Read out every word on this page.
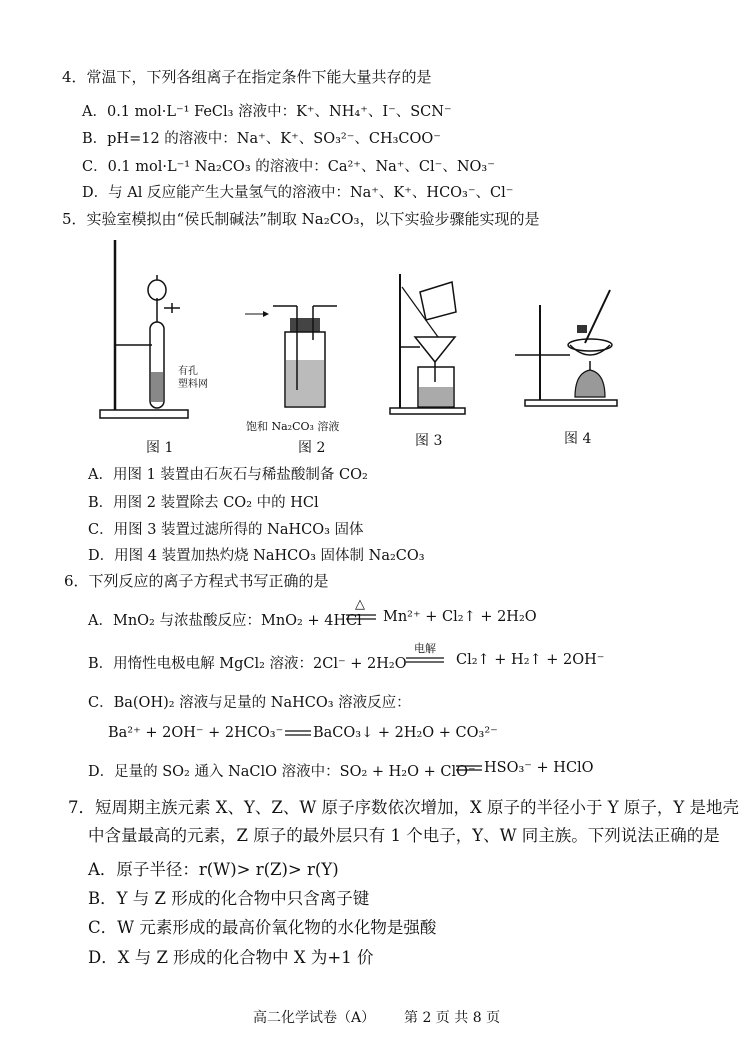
4．常温下，下列各组离子在指定条件下能大量共存的是
A．0.1 mol·L⁻¹ FeCl₃ 溶液中：K⁺、NH₄⁺、I⁻、SCN⁻
B．pH=12 的溶液中：Na⁺、K⁺、SO₃²⁻、CH₃COO⁻
C．0.1 mol·L⁻¹ Na₂CO₃ 的溶液中：Ca²⁺、Na⁺、Cl⁻、NO₃⁻
D．与 Al 反应能产生大量氢气的溶液中：Na⁺、K⁺、HCO₃⁻、Cl⁻
5．实验室模拟由“侯氏制碱法”制取 Na₂CO₃，以下实验步骤能实现的是
有孔
塑料网
图 1
饱和 Na₂CO₃ 溶液
图 2	图 3	图 4
A．用图 1 装置由石灰石与稀盐酸制备 CO₂
B．用图 2 装置除去 CO₂ 中的 HCl
C．用图 3 装置过滤所得的 NaHCO₃ 固体
D．用图 4 装置加热灼烧 NaHCO₃ 固体制 Na₂CO₃
6．下列反应的离子方程式书写正确的是
A．MnO₂ 与浓盐酸反应：MnO₂ + 4HCl
△
Mn²⁺ + Cl₂↑ + 2H₂O
B．用惰性电极电解 MgCl₂ 溶液：2Cl⁻ + 2H₂O
电解
Cl₂↑ + H₂↑ + 2OH⁻
C．Ba(OH)₂ 溶液与足量的 NaHCO₃ 溶液反应：
Ba²⁺ + 2OH⁻ + 2HCO₃⁻ BaCO₃↓ + 2H₂O + CO₃²⁻
D．足量的 SO₂ 通入 NaClO 溶液中：SO₂ + H₂O + ClO⁻ HSO₃⁻ + HClO
7．短周期主族元素 X、Y、Z、W 原子序数依次增加，X 原子的半径小于 Y 原子，Y 是地壳
中含量最高的元素，Z 原子的最外层只有 1 个电子，Y、W 同主族。下列说法正确的是
A．原子半径：r(W)> r(Z)> r(Y)
B．Y 与 Z 形成的化合物中只含离子键
C．W 元素形成的最高价氧化物的水化物是强酸
D．X 与 Z 形成的化合物中 X 为+1 价
高二化学试卷（A） 第 2 页 共 8 页
